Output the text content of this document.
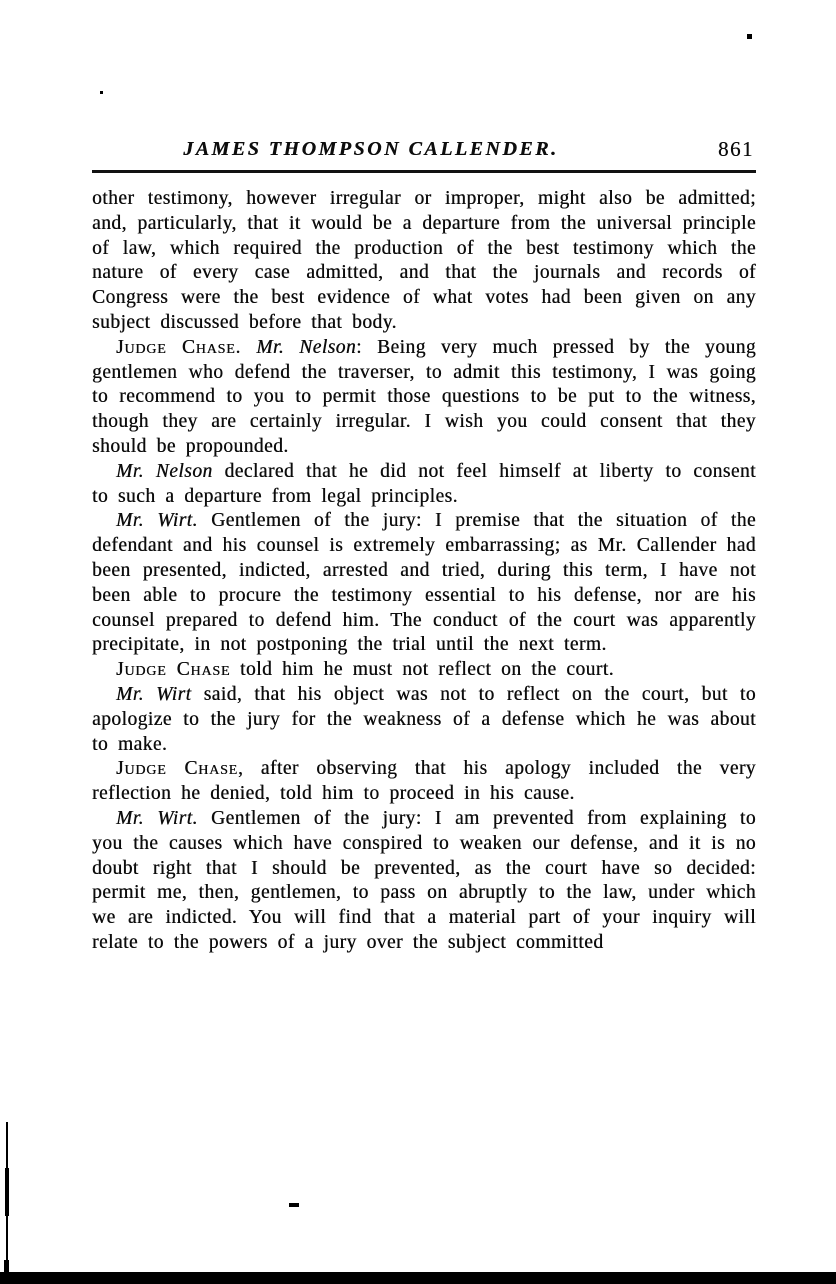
JAMES THOMPSON CALLENDER.	861

other testimony, however irregular or improper, might also be admitted; and, particularly, that it would be a departure from the universal principle of law, which required the production of the best testimony which the nature of every case admitted, and that the journals and records of Congress were the best evidence of what votes had been given on any subject discussed before that body.

Judge Chase. Mr. Nelson: Being very much pressed by the young gentlemen who defend the traverser, to admit this testimony, I was going to recommend to you to permit those questions to be put to the witness, though they are certainly irregular. I wish you could consent that they should be propounded.

Mr. Nelson declared that he did not feel himself at liberty to consent to such a departure from legal principles.

Mr. Wirt. Gentlemen of the jury: I premise that the situation of the defendant and his counsel is extremely embarrassing; as Mr. Callender had been presented, indicted, arrested and tried, during this term, I have not been able to procure the testimony essential to his defense, nor are his counsel prepared to defend him. The conduct of the court was apparently precipitate, in not postponing the trial until the next term.

Judge Chase told him he must not reflect on the court.

Mr. Wirt said, that his object was not to reflect on the court, but to apologize to the jury for the weakness of a defense which he was about to make.

Judge Chase, after observing that his apology included the very reflection he denied, told him to proceed in his cause.

Mr. Wirt. Gentlemen of the jury: I am prevented from explaining to you the causes which have conspired to weaken our defense, and it is no doubt right that I should be prevented, as the court have so decided: permit me, then, gentlemen, to pass on abruptly to the law, under which we are indicted. You will find that a material part of your inquiry will relate to the powers of a jury over the subject committed
